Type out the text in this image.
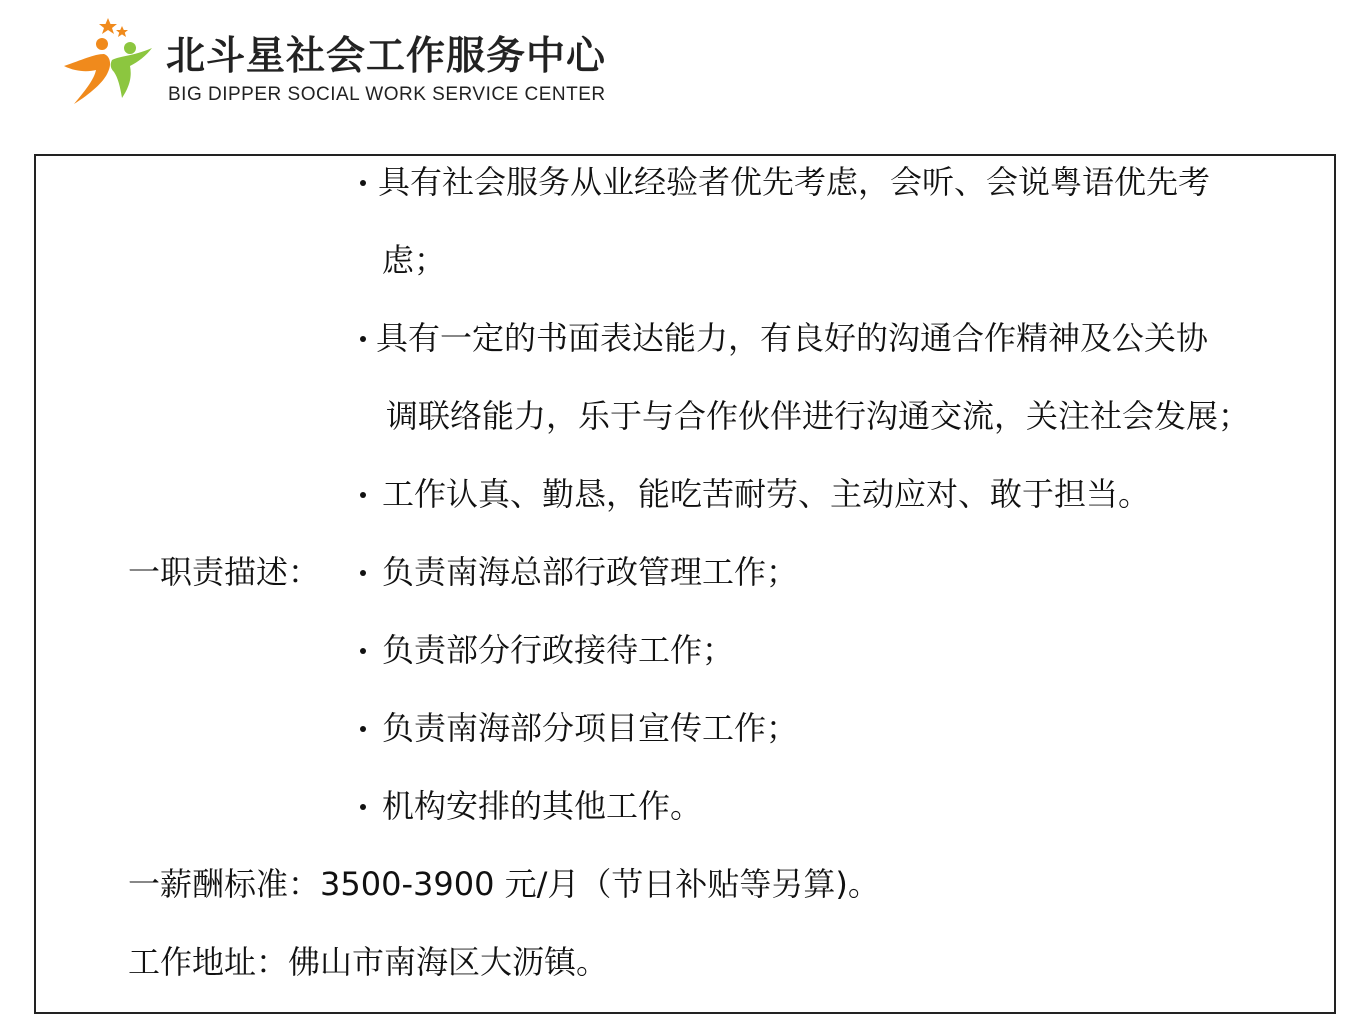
北斗星社会工作服务中心
BIG DIPPER SOCIAL WORK SERVICE CENTER
具有社会服务从业经验者优先考虑，会听、会说粤语优先考
虑；
具有一定的书面表达能力，有良好的沟通合作精神及公关协
调联络能力，乐于与合作伙伴进行沟通交流，关注社会发展；
工作认真、勤恳，能吃苦耐劳、主动应对、敢于担当。
一职责描述： 负责南海总部行政管理工作；
负责部分行政接待工作；
负责南海部分项目宣传工作；
机构安排的其他工作。
一薪酬标准：3500-3900 元/月（节日补贴等另算)。
工作地址：佛山市南海区大沥镇。
